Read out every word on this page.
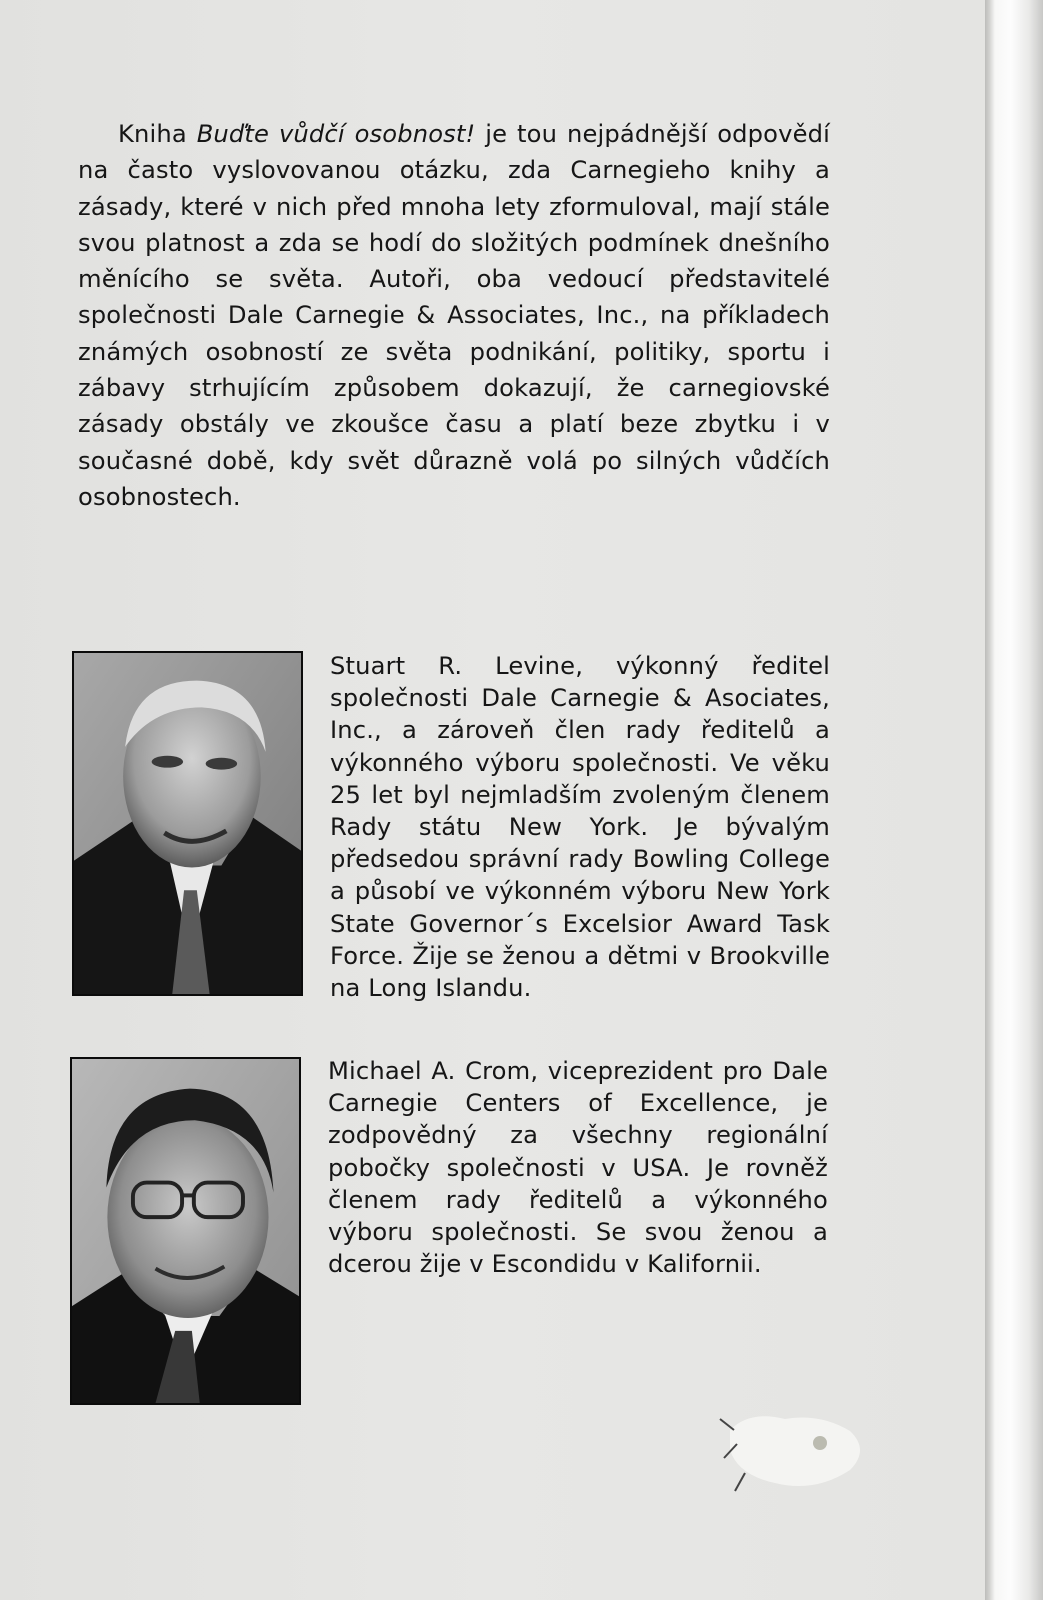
Kniha Buďte vůdčí osobnost! je tou nejpádnější odpovědí na často vyslovovanou otázku, zda Carnegieho knihy a zásady, které v nich před mnoha lety zformuloval, mají stále svou platnost a zda se hodí do složitých podmínek dnešního měnícího se světa. Autoři, oba vedoucí představitelé společnosti Dale Carnegie & Associates, Inc., na příkladech známých osobností ze světa podnikání, politiky, sportu i zábavy strhujícím způsobem dokazují, že carnegiovské zásady obstály ve zkoušce času a platí beze zbytku i v současné době, kdy svět důrazně volá po silných vůdčích osobnostech.

Stuart R. Levine, výkonný ředitel společnosti Dale Carnegie & Asociates, Inc., a zároveň člen rady ředitelů a výkonného výboru společnosti. Ve věku 25 let byl nejmladším zvoleným členem Rady státu New York. Je bývalým předsedou správní rady Bowling College a působí ve výkonném výboru New York State Governor´s Excelsior Award Task Force. Žije se ženou a dětmi v Brookville na Long Islandu.

Michael A. Crom, viceprezident pro Dale Carnegie Centers of Excellence, je zodpovědný za všechny regionální pobočky společnosti v USA. Je rovněž členem rady ředitelů a výkonného výboru společnosti. Se svou ženou a dcerou žije v Escondidu v Kalifornii.
